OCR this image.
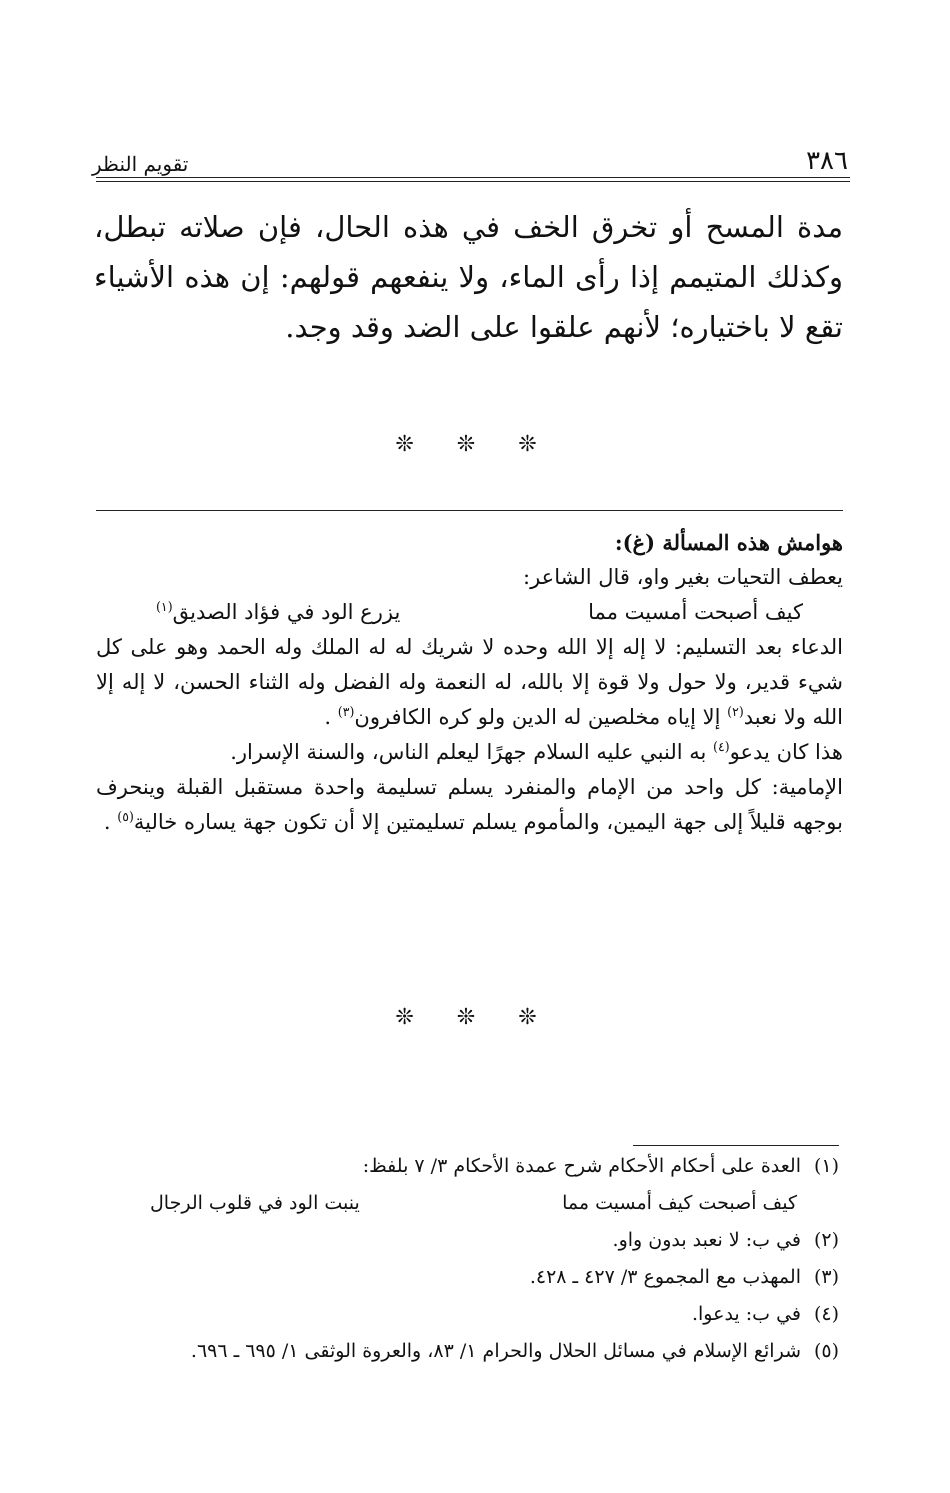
تقويم النظر	٣٨٦

مدة المسح أو تخرق الخف في هذه الحال، فإن صلاته تبطل، وكذلك المتيمم إذا رأى الماء، ولا ينفعهم قولهم: إن هذه الأشياء تقع لا باختياره؛ لأنهم علقوا على الضد وقد وجد.

❊ ❊ ❊

هوامش هذه المسألة (غ):

يعطف التحيات بغير واو، قال الشاعر:

كيف أصبحت أمسيت مما
يزرع الود في فؤاد الصديق$^{(١)}$

الدعاء بعد التسليم: لا إله إلا الله وحده لا شريك له له الملك وله الحمد وهو على كل شيء قدير، ولا حول ولا قوة إلا بالله، له النعمة وله الفضل وله الثناء الحسن، لا إله إلا الله ولا نعبد$^{(٢)}$ إلا إياه مخلصين له الدين ولو كره الكافرون$^{(٣)}$ .

هذا كان يدعو$^{(٤)}$ به النبي عليه السلام جهرًا ليعلم الناس، والسنة الإسرار.

الإمامية: كل واحد من الإمام والمنفرد يسلم تسليمة واحدة مستقبل القبلة وينحرف بوجهه قليلاً إلى جهة اليمين، والمأموم يسلم تسليمتين إلا أن تكون جهة يساره خالية$^{(٥)}$ .

❊ ❊ ❊
(١)
العدة على أحكام الأحكام شرح عمدة الأحكام ٣/ ٧ بلفظ:
كيف أصبحت كيف أمسيت مما
ينبت الود في قلوب الرجال
(٢)
في ب: لا نعبد بدون واو.
(٣)
المهذب مع المجموع ٣/ ٤٢٧ ـ ٤٢٨.
(٤)
في ب: يدعوا.
(٥)
شرائع الإسلام في مسائل الحلال والحرام ١/ ٨٣، والعروة الوثقى ١/ ٦٩٥ ـ ٦٩٦.
